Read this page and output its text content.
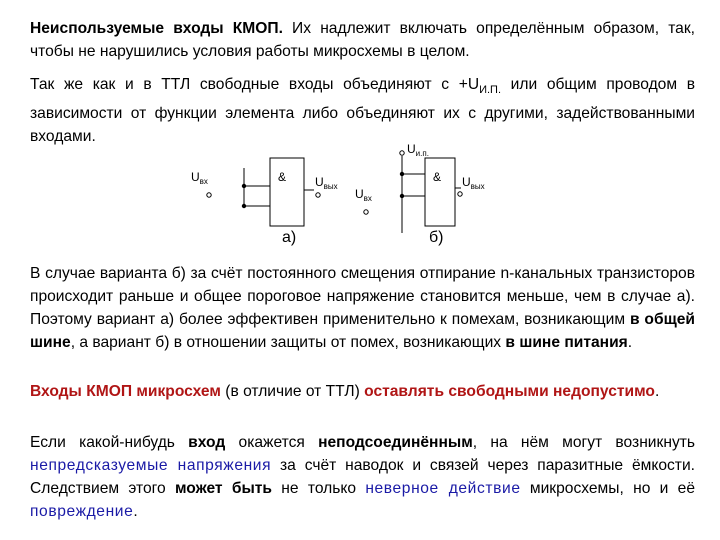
Неиспользуемые входы КМОП. Их надлежит включать определённым образом, так, чтобы не нарушились условия работы микросхемы в целом.

Так же как и в ТТЛ свободные входы объединяют $с +U_{И.П.}$ или общим проводом в зависимости от функции элемента либо объединяют их с другими, задействованными входами.

$U_{вх}$	& $U_{вых}$
$U_{и.п.}$
& $U_{вых}$
$U_{вх}$
а)	б)

В случае варианта б) за счёт постоянного смещения отпирание n-канальных транзисторов происходит раньше и общее пороговое напряжение становится меньше, чем в случае а). Поэтому вариант а) более эффективен применительно к помехам, возникающим в общей шине, а вариант б) в отношении защиты от помех, возникающих в шине питания.

Входы КМОП микросхем (в отличие от ТТЛ) оставлять свободными недопустимо.

Если какой-нибудь вход окажется неподсоединённым, на нём могут возникнуть непредсказуемые напряжения за счёт наводок и связей через паразитные ёмкости. Следствием этого может быть не только неверное действие микросхемы, но и её повреждение.
